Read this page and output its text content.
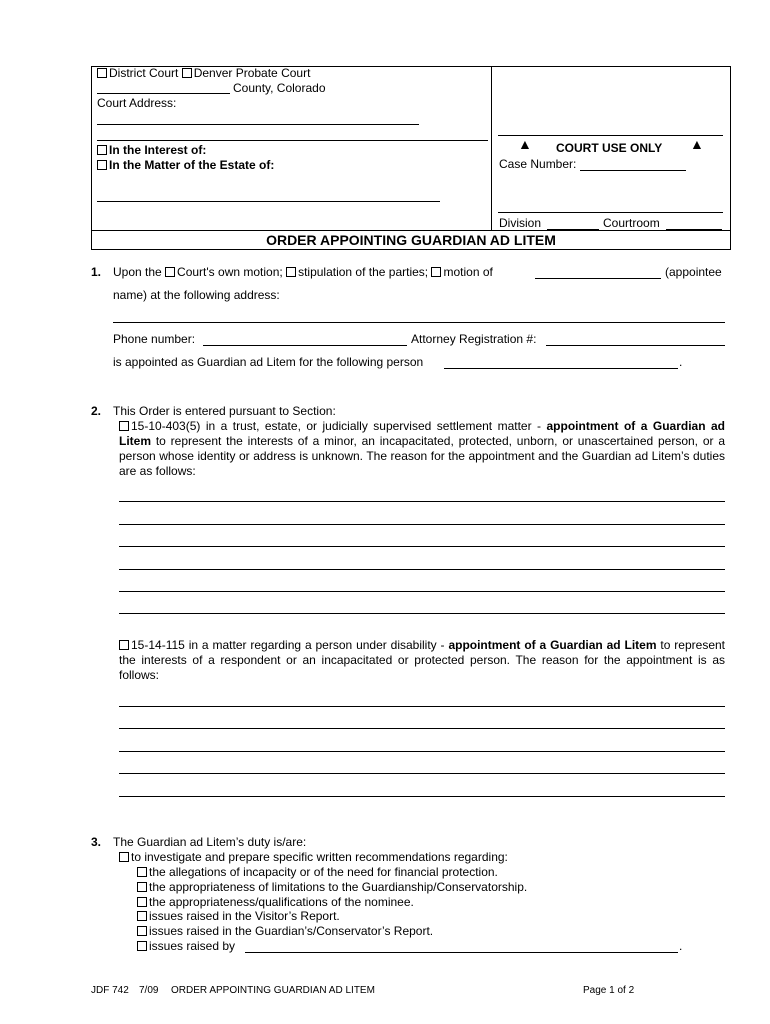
District Court Denver Probate Court
County, Colorado
Court Address:
In the Interest of:
In the Matter of the Estate of:
▲ COURT USE ONLY ▲
Case Number:
Division	Courtroom
ORDER APPOINTING GUARDIAN AD LITEM
1. Upon the Court's own motion; stipulation of the parties; motion of	(appointee
name) at the following address:
Phone number:	Attorney Registration #:
is appointed as Guardian ad Litem for the following person	.
2. This Order is entered pursuant to Section:
15-10-403(5) in a trust, estate, or judicially supervised settlement matter - appointment of a Guardian ad Litem to represent the interests of a minor, an incapacitated, protected, unborn, or unascertained person, or a person whose identity or address is unknown. The reason for the appointment and the Guardian ad Litem’s duties are as follows:
15-14-115 in a matter regarding a person under disability - appointment of a Guardian ad Litem to represent the interests of a respondent or an incapacitated or protected person. The reason for the appointment is as follows:
3. The Guardian ad Litem’s duty is/are:
to investigate and prepare specific written recommendations regarding:
the allegations of incapacity or of the need for financial protection.
the appropriateness of limitations to the Guardianship/Conservatorship.
the appropriateness/qualifications of the nominee.
issues raised in the Visitor’s Report.
issues raised in the Guardian’s/Conservator’s Report.
issues raised by	.
JDF 742 7/09 ORDER APPOINTING GUARDIAN AD LITEM	Page 1 of 2
